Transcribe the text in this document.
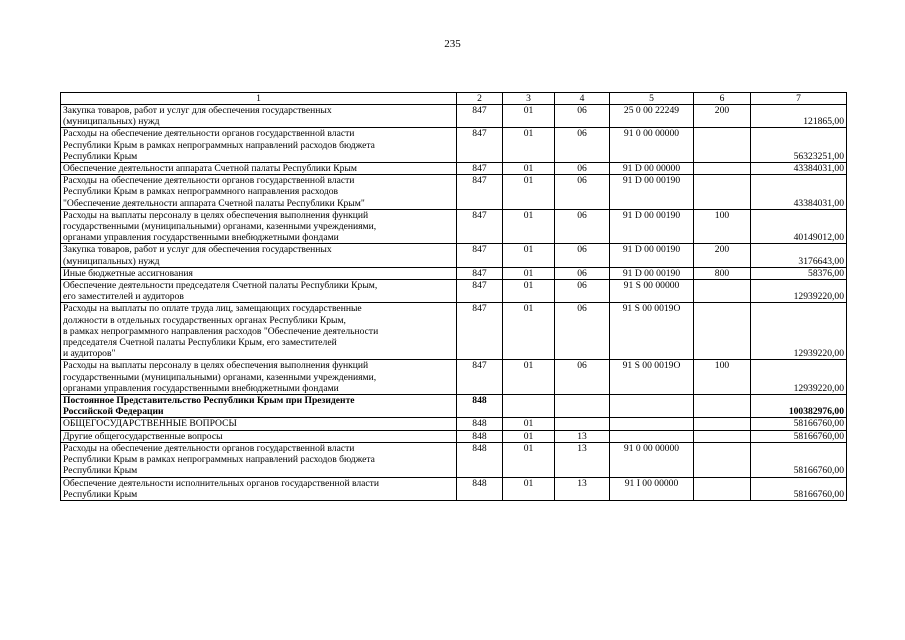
235
1	2	3	4	5	6	7
Закупка товаров, работ и услуг для обеспечения государственных
(муниципальных) нужд	847	01	06	25 0 00 22249	200	121865,00
Расходы на обеспечение деятельности органов государственной власти
Республики Крым в рамках непрограммных направлений расходов бюджета
Республики Крым	847	01	06	91 0 00 00000		56323251,00
Обеспечение деятельности аппарата Счетной палаты Республики Крым	847	01	06	91 D 00 00000		43384031,00
Расходы на обеспечение деятельности органов государственной власти
Республики Крым в рамках непрограммного направления расходов
"Обеспечение деятельности аппарата Счетной палаты Республики Крым"	847	01	06	91 D 00 00190		43384031,00
Расходы на выплаты персоналу в целях обеспечения выполнения функций
государственными (муниципальными) органами, казенными учреждениями,
органами управления государственными внебюджетными фондами	847	01	06	91 D 00 00190	100	40149012,00
Закупка товаров, работ и услуг для обеспечения государственных
(муниципальных) нужд	847	01	06	91 D 00 00190	200	3176643,00
Иные бюджетные ассигнования	847	01	06	91 D 00 00190	800	58376,00
Обеспечение деятельности председателя Счетной палаты Республики Крым,
его заместителей и аудиторов	847	01	06	91 S 00 00000		12939220,00
Расходы на выплаты по оплате труда лиц, замещающих государственные
должности в отдельных государственных органах Республики Крым,
в рамках непрограммного направления расходов "Обеспечение деятельности
председателя Счетной палаты Республики Крым, его заместителей
и аудиторов"	847	01	06	91 S 00 0019O		12939220,00
Расходы на выплаты персоналу в целях обеспечения выполнения функций
государственными (муниципальными) органами, казенными учреждениями,
органами управления государственными внебюджетными фондами	847	01	06	91 S 00 0019O	100	12939220,00
Постоянное Представительство Республики Крым при Президенте
Российской Федерации	848					100382976,00
ОБЩЕГОСУДАРСТВЕННЫЕ ВОПРОСЫ	848	01				58166760,00
Другие общегосударственные вопросы	848	01	13			58166760,00
Расходы на обеспечение деятельности органов государственной власти
Республики Крым в рамках непрограммных направлений расходов бюджета
Республики Крым	848	01	13	91 0 00 00000		58166760,00
Обеспечение деятельности исполнительных органов государственной власти
Республики Крым	848	01	13	91 I 00 00000		58166760,00
